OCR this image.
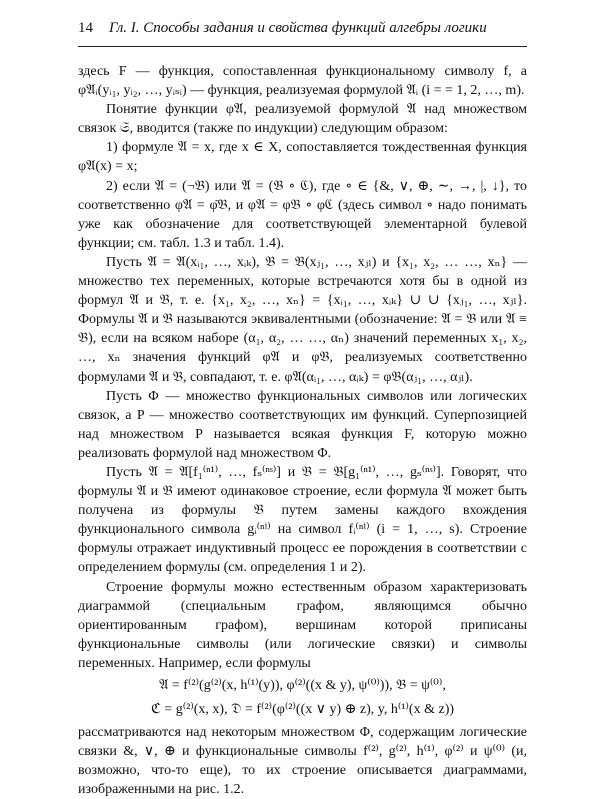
14 Гл. I. Способы задания и свойства функций алгебры логики

здесь F — функция, сопоставленная функциональному символу f, а φ𝔄ᵢ(yᵢ₁, yᵢ₂, …, yᵢₛᵢ) — функция, реализуемая формулой 𝔄ᵢ (i = = 1, 2, …, m).

Понятие функции φ𝔄, реализуемой формулой 𝔄 над множеством связок 𝔖, вводится (также по индукции) следующим образом:

1) формуле 𝔄 = x, где x ∈ X, сопоставляется тождественная функция φ𝔄(x) = x;

2) если 𝔄 = (¬𝔅) или 𝔄 = (𝔅 ∘ ℭ), где ∘ ∈ {&, ∨, ⊕, ∼, →, |, ↓}, то соответственно φ𝔄 = φ̄𝔅, и φ𝔄 = φ𝔅 ∘ φℭ (здесь символ ∘ надо понимать уже как обозначение для соответствующей элементарной булевой функции; см. табл. 1.3 и табл. 1.4).

Пусть 𝔄 = 𝔄(xᵢ₁, …, xᵢₖ), 𝔅 = 𝔅(xⱼ₁, …, xⱼₗ) и {x₁, x₂, … …, xₙ} — множество тех переменных, которые встречаются хотя бы в одной из формул 𝔄 и 𝔅, т. е. {x₁, x₂, …, xₙ} = {xᵢ₁, …, xᵢₖ} ∪ ∪ {xⱼ₁, …, xⱼₗ}. Формулы 𝔄 и 𝔅 называются эквивалентными (обозначение: 𝔄 = 𝔅 или 𝔄 ≡ 𝔅), если на всяком наборе (α₁, α₂, … …, αₙ) значений переменных x₁, x₂, …, xₙ значения функций φ𝔄 и φ𝔅, реализуемых соответственно формулами 𝔄 и 𝔅, совпадают, т. е. φ𝔄(αᵢ₁, …, αᵢₖ) = φ𝔅(αⱼ₁, …, αⱼₗ).

Пусть Φ — множество функциональных символов или логических связок, а P — множество соответствующих им функций. Суперпозицией над множеством P называется всякая функция F, которую можно реализовать формулой над множеством Φ.

Пусть 𝔄 = 𝔄[f₁⁽ⁿ¹⁾, …, fₛ⁽ⁿˢ⁾] и 𝔅 = 𝔅[g₁⁽ⁿ¹⁾, …, gₛ⁽ⁿˢ⁾]. Говорят, что формулы 𝔄 и 𝔅 имеют одинаковое строение, если формула 𝔄 может быть получена из формулы 𝔅 путем замены каждого вхождения функционального символа gᵢ⁽ⁿⁱ⁾ на символ fᵢ⁽ⁿⁱ⁾ (i = 1, …, s). Строение формулы отражает индуктивный процесс ее порождения в соответствии с определением формулы (см. определения 1 и 2).

Строение формулы можно естественным образом характеризовать диаграммой (специальным графом, являющимся обычно ориентированным графом), вершинам которой приписаны функциональные символы (или логические связки) и символы переменных. Например, если формулы

𝔄 = f⁽²⁾(g⁽²⁾(x, h⁽¹⁾(y)), φ⁽²⁾((x & y), ψ⁽⁰⁾)), 𝔅 = ψ⁽⁰⁾,
ℭ = g⁽²⁾(x, x), 𝔇 = f⁽²⁾(φ⁽²⁾((x ∨ y) ⊕ z), y, h⁽¹⁾(x & z))

рассматриваются над некоторым множеством Φ, содержащим логические связки &, ∨, ⊕ и функциональные символы f⁽²⁾, g⁽²⁾, h⁽¹⁾, φ⁽²⁾ и ψ⁽⁰⁾ (и, возможно, что-то еще), то их строение описывается диаграммами, изображенными на рис. 1.2.
